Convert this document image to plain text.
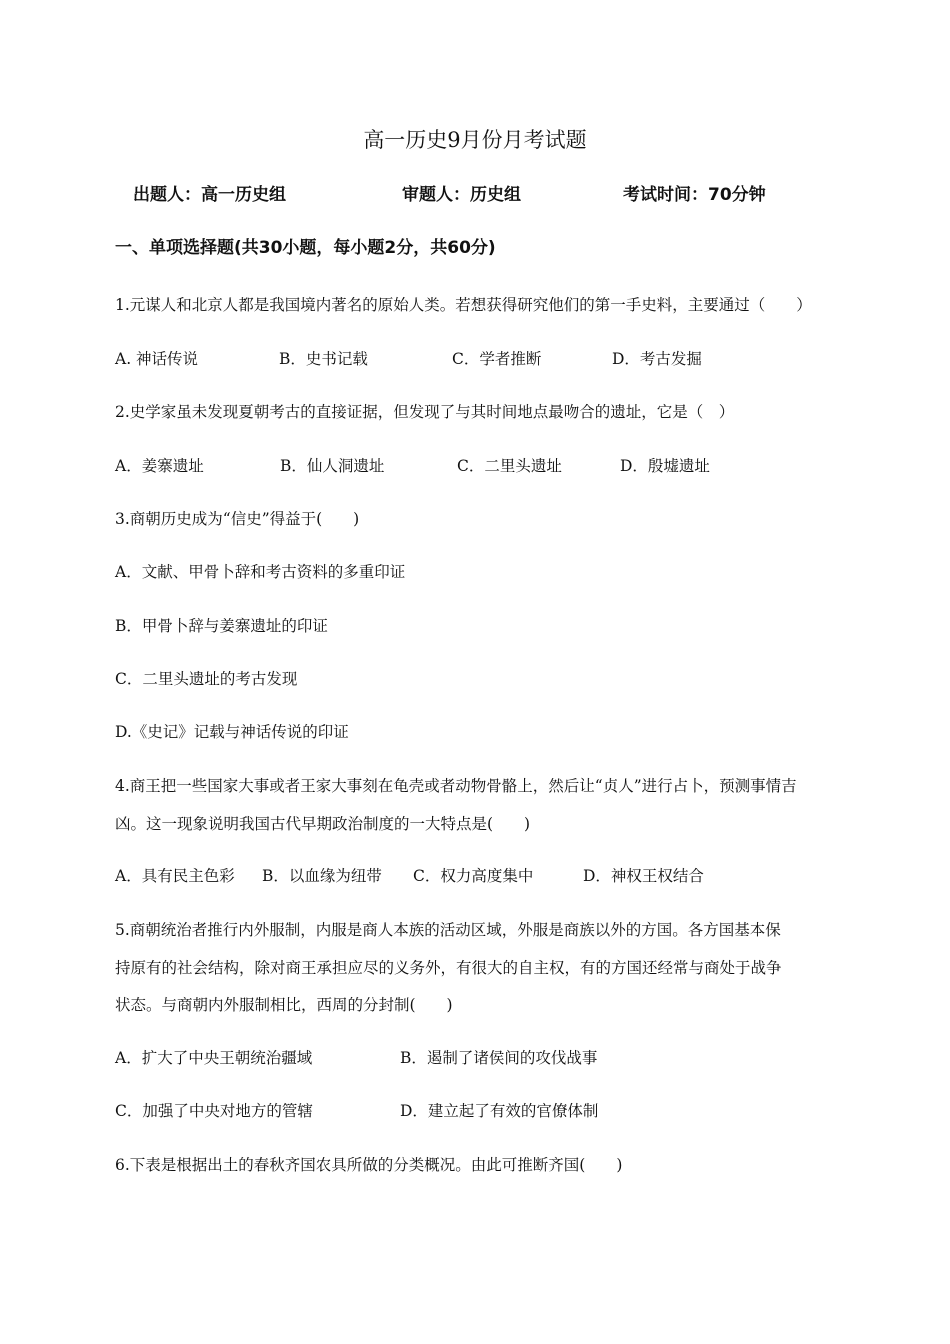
高一历史9月份月考试题
出题人：高一历史组	审题人：历史组	考试时间：70分钟
一、单项选择题(共30小题，每小题2分，共60分)
1.元谋人和北京人都是我国境内著名的原始人类。若想获得研究他们的第一手史料，主要通过（　　）
A. 神话传说	B．史书记载	C．学者推断	D．考古发掘
2.史学家虽未发现夏朝考古的直接证据，但发现了与其时间地点最吻合的遗址，它是（　）
A．姜寨遗址	B．仙人洞遗址	C．二里头遗址	D．殷墟遗址
3.商朝历史成为“信史”得益于(　　)
A．文献、甲骨卜辞和考古资料的多重印证
B．甲骨卜辞与姜寨遗址的印证
C．二里头遗址的考古发现
D.《史记》记载与神话传说的印证
4.商王把一些国家大事或者王家大事刻在龟壳或者动物骨骼上，然后让“贞人”进行占卜，预测事情吉
凶。这一现象说明我国古代早期政治制度的一大特点是(　　)
A．具有民主色彩 B．以血缘为纽带 C．权力高度集中	D．神权王权结合
5.商朝统治者推行内外服制，内服是商人本族的活动区域，外服是商族以外的方国。各方国基本保
持原有的社会结构，除对商王承担应尽的义务外，有很大的自主权，有的方国还经常与商处于战争
状态。与商朝内外服制相比，西周的分封制(　　)
A．扩大了中央王朝统治疆域	B．遏制了诸侯间的攻伐战事
C．加强了中央对地方的管辖	D．建立起了有效的官僚体制
6.下表是根据出土的春秋齐国农具所做的分类概况。由此可推断齐国(　　)
